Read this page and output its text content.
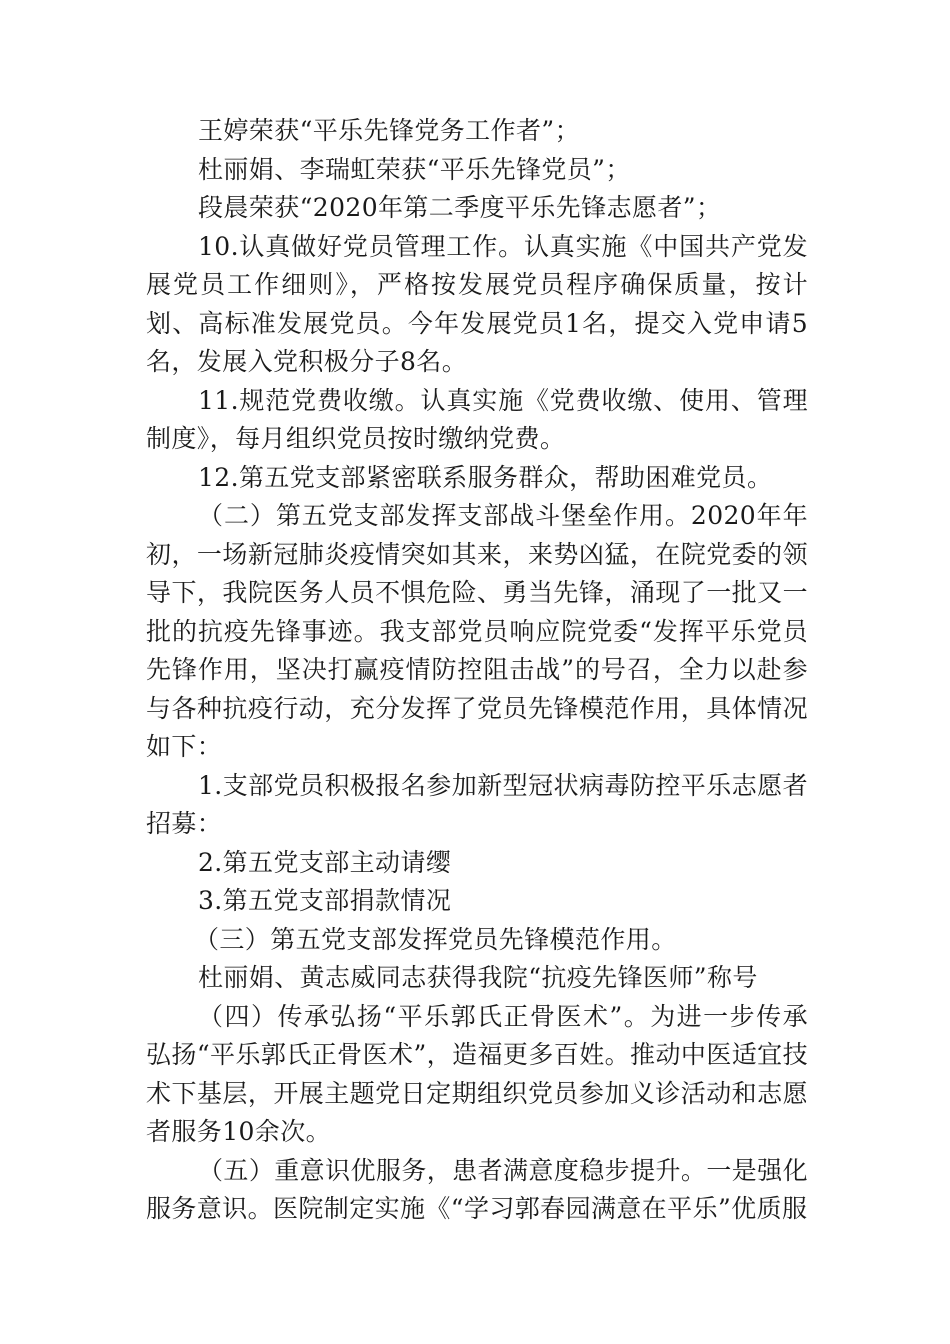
王婷荣获“平乐先锋党务工作者”；

杜丽娟、李瑞虹荣获“平乐先锋党员”；

段晨荣获“2020年第二季度平乐先锋志愿者”；

10.认真做好党员管理工作。认真实施《中国共产党发展党员工作细则》，严格按发展党员程序确保质量，按计划、高标准发展党员。今年发展党员1名，提交入党申请5名，发展入党积极分子8名。

11.规范党费收缴。认真实施《党费收缴、使用、管理制度》，每月组织党员按时缴纳党费。

12.第五党支部紧密联系服务群众，帮助困难党员。

（二）第五党支部发挥支部战斗堡垒作用。2020年年初，一场新冠肺炎疫情突如其来，来势凶猛，在院党委的领导下，我院医务人员不惧危险、勇当先锋，涌现了一批又一批的抗疫先锋事迹。我支部党员响应院党委“发挥平乐党员先锋作用，坚决打赢疫情防控阻击战”的号召，全力以赴参与各种抗疫行动，充分发挥了党员先锋模范作用，具体情况如下：

1.支部党员积极报名参加新型冠状病毒防控平乐志愿者招募：

2.第五党支部主动请缨

3.第五党支部捐款情况

（三）第五党支部发挥党员先锋模范作用。

杜丽娟、黄志威同志获得我院“抗疫先锋医师”称号

（四）传承弘扬“平乐郭氏正骨医术”。为进一步传承弘扬“平乐郭氏正骨医术”，造福更多百姓。推动中医适宜技术下基层，开展主题党日定期组织党员参加义诊活动和志愿者服务10余次。

（五）重意识优服务，患者满意度稳步提升。一是强化服务意识。医院制定实施《“学习郭春园满意在平乐”优质服
